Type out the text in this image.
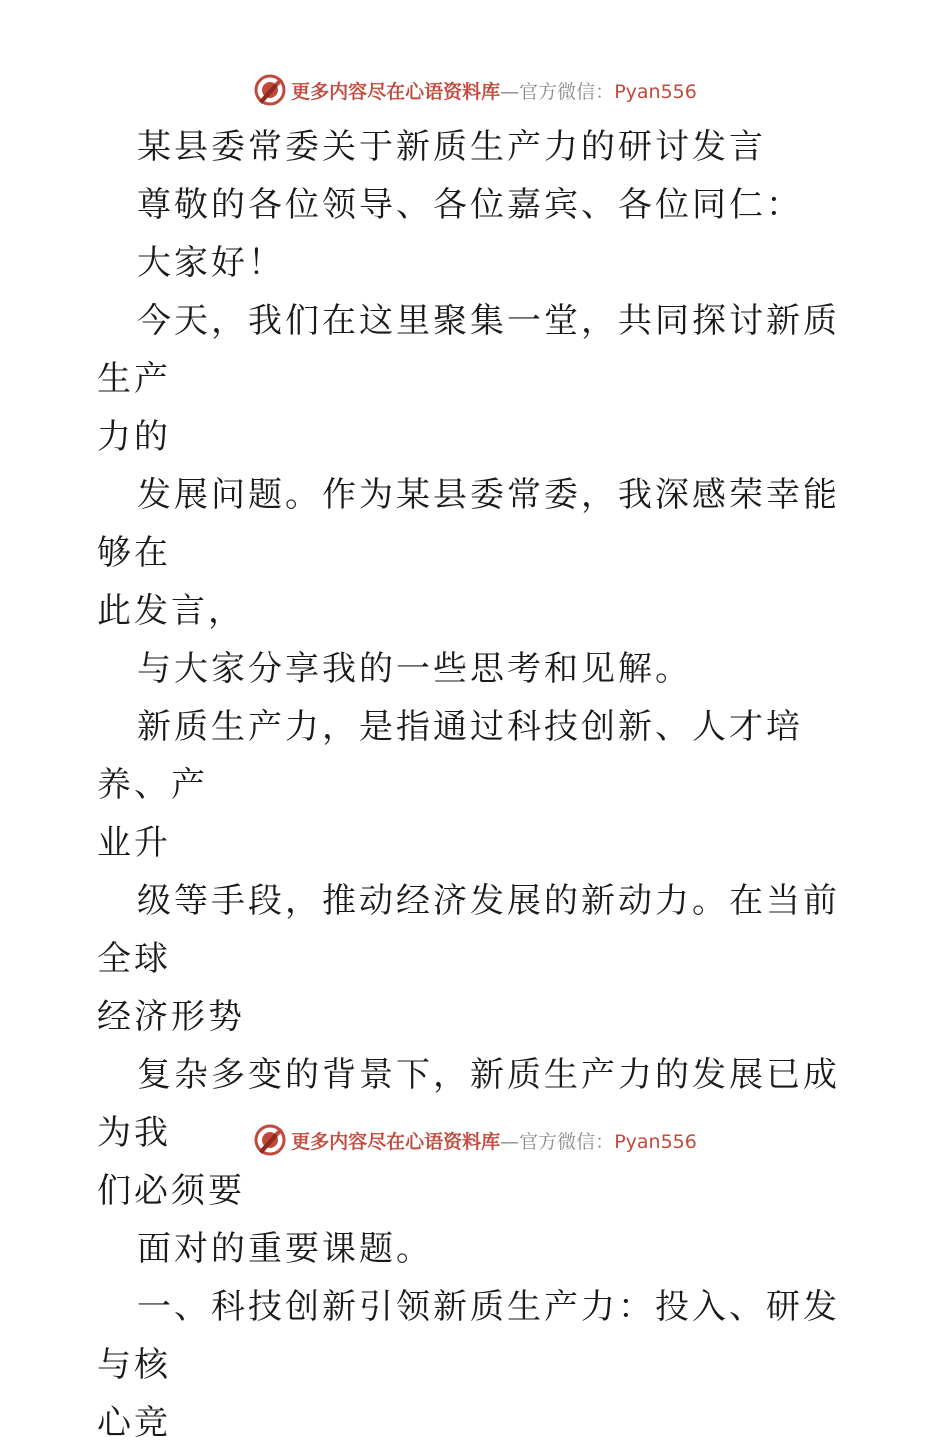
更多内容尽在心语资料库—官方微信：Pyan556

某县委常委关于新质生产力的研讨发言

尊敬的各位领导、各位嘉宾、各位同仁：

大家好！

今天，我们在这里聚集一堂，共同探讨新质生产

力的

发展问题。作为某县委常委，我深感荣幸能够在

此发言，

与大家分享我的一些思考和见解。

新质生产力，是指通过科技创新、人才培养、产

业升

级等手段，推动经济发展的新动力。在当前全球

经济形势

复杂多变的背景下，新质生产力的发展已成为我

们必须要

面对的重要课题。

一、科技创新引领新质生产力：投入、研发与核

心竞

更多内容尽在心语资料库—官方微信：Pyan556
